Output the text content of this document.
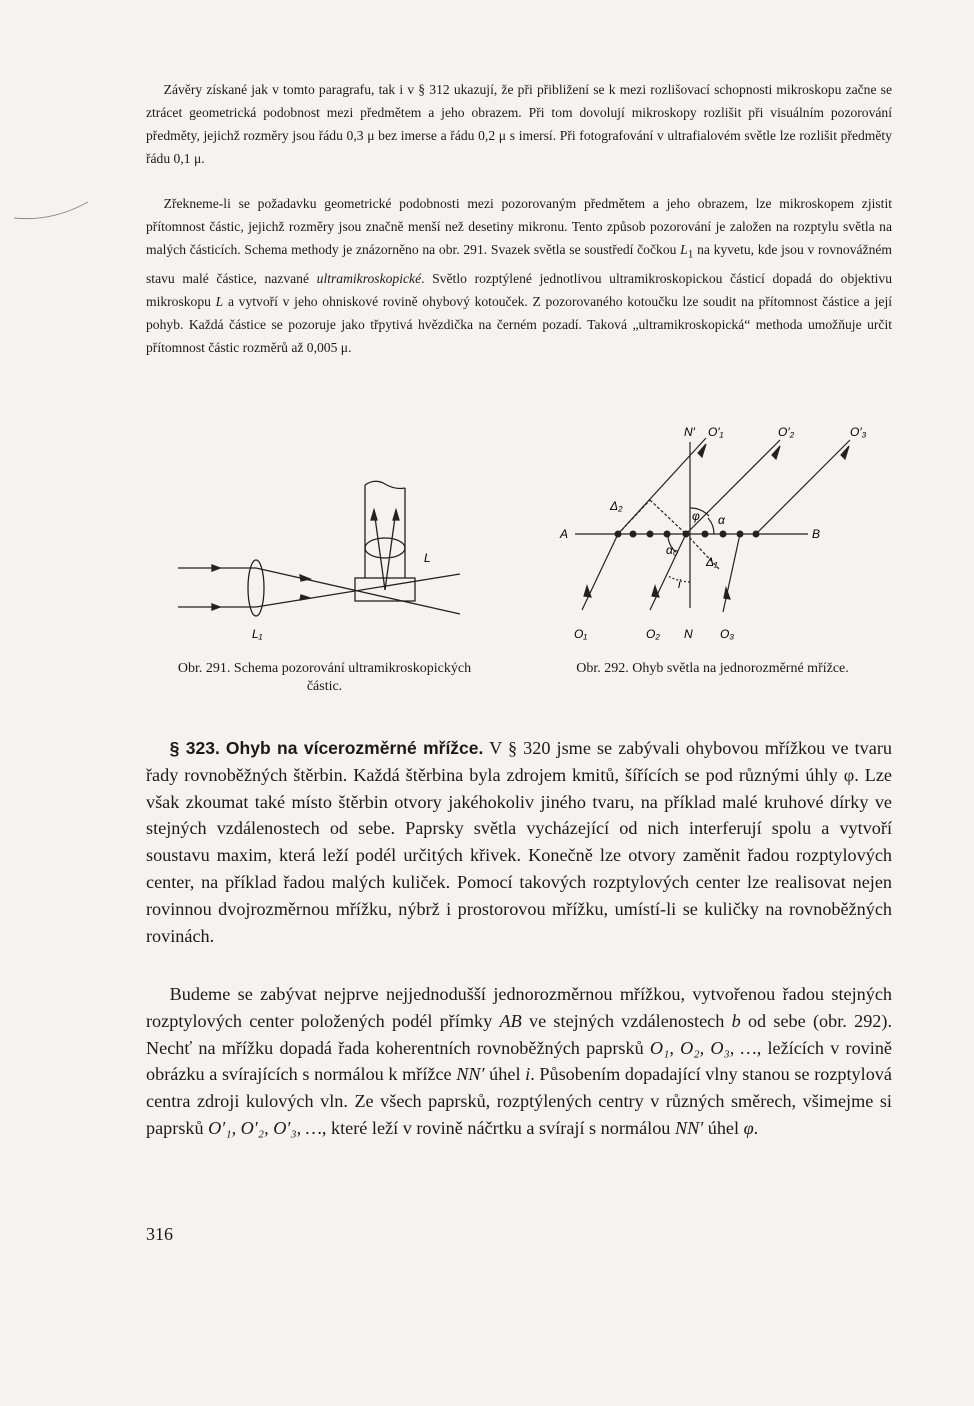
Závěry získané jak v tomto paragrafu, tak i v § 312 ukazují, že při přibližení se k mezi rozlišovací schopnosti mikroskopu začne se ztrácet geometrická podobnost mezi předmětem a jeho obrazem. Při tom dovolují mikroskopy rozlišit při visuálním pozorování předměty, jejichž rozměry jsou řádu 0,3 μ bez imerse a řádu 0,2 μ s imersí. Při fotografování v ultrafialovém světle lze rozlišit předměty řádu 0,1 μ.

Zřekneme-li se požadavku geometrické podobnosti mezi pozorovaným předmětem a jeho obrazem, lze mikroskopem zjistit přítomnost částic, jejichž rozměry jsou značně menší než desetiny mikronu. Tento způsob pozorování je založen na rozptylu světla na malých částicích. Schema methody je znázorněno na obr. 291. Svazek světla se soustředí čočkou $L_1$ na kyvetu, kde jsou v rovnovážném stavu malé částice, nazvané ultramikroskopické. Světlo rozptýlené jednotlivou ultramikroskopickou částicí dopadá do objektivu mikroskopu L a vytvoří v jeho ohniskové rovině ohybový kotouček. Z pozorovaného kotoučku lze soudit na přítomnost částice a její pohyb. Každá částice se pozoruje jako třpytivá hvězdička na černém pozadí. Taková „ultramikroskopická“ methoda umožňuje určit přítomnost částic rozměrů až 0,005 μ.

L
L₁
N′ O′₁	O′₂	O′₃
A	B
Δ₂
Δ₁
φ α
α₀
i
O₁	O₂ N O₃
Obr. 291. Schema pozorování ultramikroskopických částic.
Obr. 292. Ohyb světla na jednorozměrné mřížce.

§ 323. Ohyb na vícerozměrné mřížce. V § 320 jsme se zabývali ohybovou mřížkou ve tvaru řady rovnoběžných štěrbin. Každá štěrbina byla zdrojem kmitů, šířících se pod různými úhly φ. Lze však zkoumat také místo štěrbin otvory jakéhokoliv jiného tvaru, na příklad malé kruhové dírky ve stejných vzdálenostech od sebe. Paprsky světla vycházející od nich interferují spolu a vytvoří soustavu maxim, která leží podél určitých křivek. Konečně lze otvory zaměnit řadou rozptylových center, na příklad řadou malých kuliček. Pomocí takových rozptylových center lze realisovat nejen rovinnou dvojrozměrnou mřížku, nýbrž i prostorovou mřížku, umístí-li se kuličky na rovnoběžných rovinách.

Budeme se zabývat nejprve nejjednodušší jednorozměrnou mřížkou, vytvořenou řadou stejných rozptylových center položených podél přímky AB ve stejných vzdálenostech b od sebe (obr. 292). Nechť na mřížku dopadá řada koherentních rovnoběžných paprsků O₁, O₂, O₃, …, ležících v rovině obrázku a svírajících s normálou k mřížce NN′ úhel i. Působením dopadající vlny stanou se rozptylová centra zdroji kulových vln. Ze všech paprsků, rozptýlených centry v různých směrech, všimejme si paprsků O′₁, O′₂, O′₃, …, které leží v rovině náčrtku a svírají s normálou NN′ úhel φ.

316
